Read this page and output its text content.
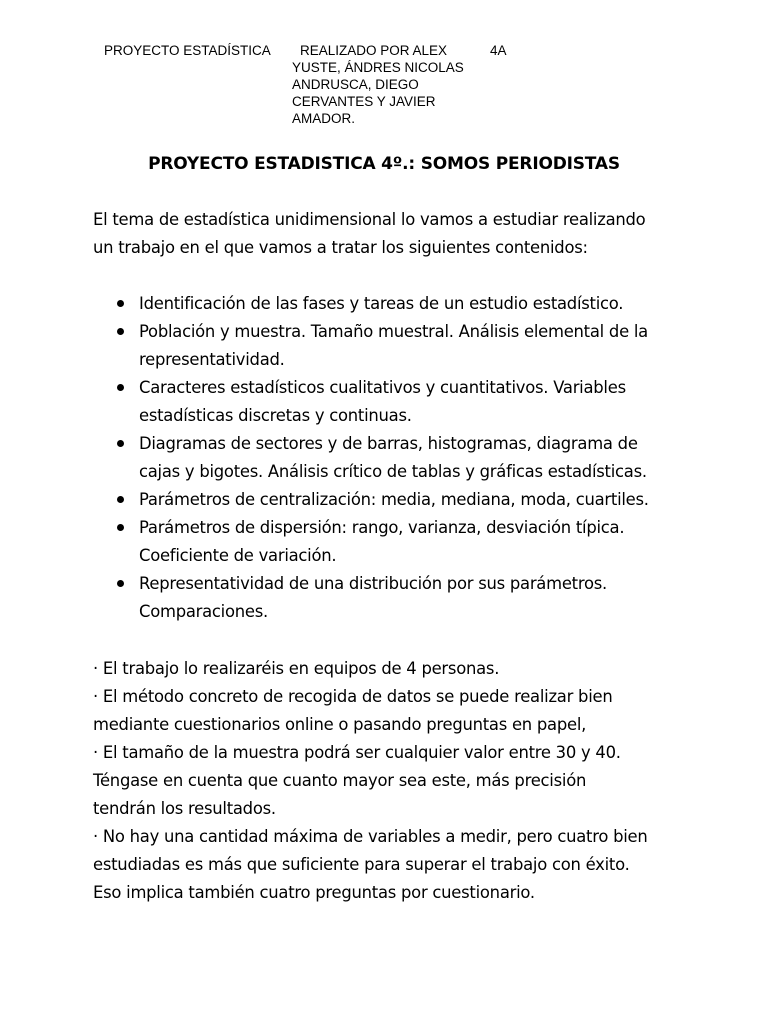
PROYECTO ESTADÍSTICA	REALIZADO POR ALEX
YUSTE, ÁNDRES NICOLAS
ANDRUSCA, DIEGO
CERVANTES Y JAVIER
AMADOR.
4A
PROYECTO ESTADISTICA 4º.: SOMOS PERIODISTAS
El tema de estadística unidimensional lo vamos a estudiar realizando
un trabajo en el que vamos a tratar los siguientes contenidos:
Identificación de las fases y tareas de un estudio estadístico.
Población y muestra. Tamaño muestral. Análisis elemental de la
representatividad.
Caracteres estadísticos cualitativos y cuantitativos. Variables
estadísticas discretas y continuas.
Diagramas de sectores y de barras, histogramas, diagrama de
cajas y bigotes. Análisis crítico de tablas y gráficas estadísticas.
Parámetros de centralización: media, mediana, moda, cuartiles.
Parámetros de dispersión: rango, varianza, desviación típica.
Coeficiente de variación.
Representatividad de una distribución por sus parámetros.
Comparaciones.
· El trabajo lo realizaréis en equipos de 4 personas.
· El método concreto de recogida de datos se puede realizar bien
mediante cuestionarios online o pasando preguntas en papel,
· El tamaño de la muestra podrá ser cualquier valor entre 30 y 40.
Téngase en cuenta que cuanto mayor sea este, más precisión
tendrán los resultados.
· No hay una cantidad máxima de variables a medir, pero cuatro bien
estudiadas es más que suficiente para superar el trabajo con éxito.
Eso implica también cuatro preguntas por cuestionario.
